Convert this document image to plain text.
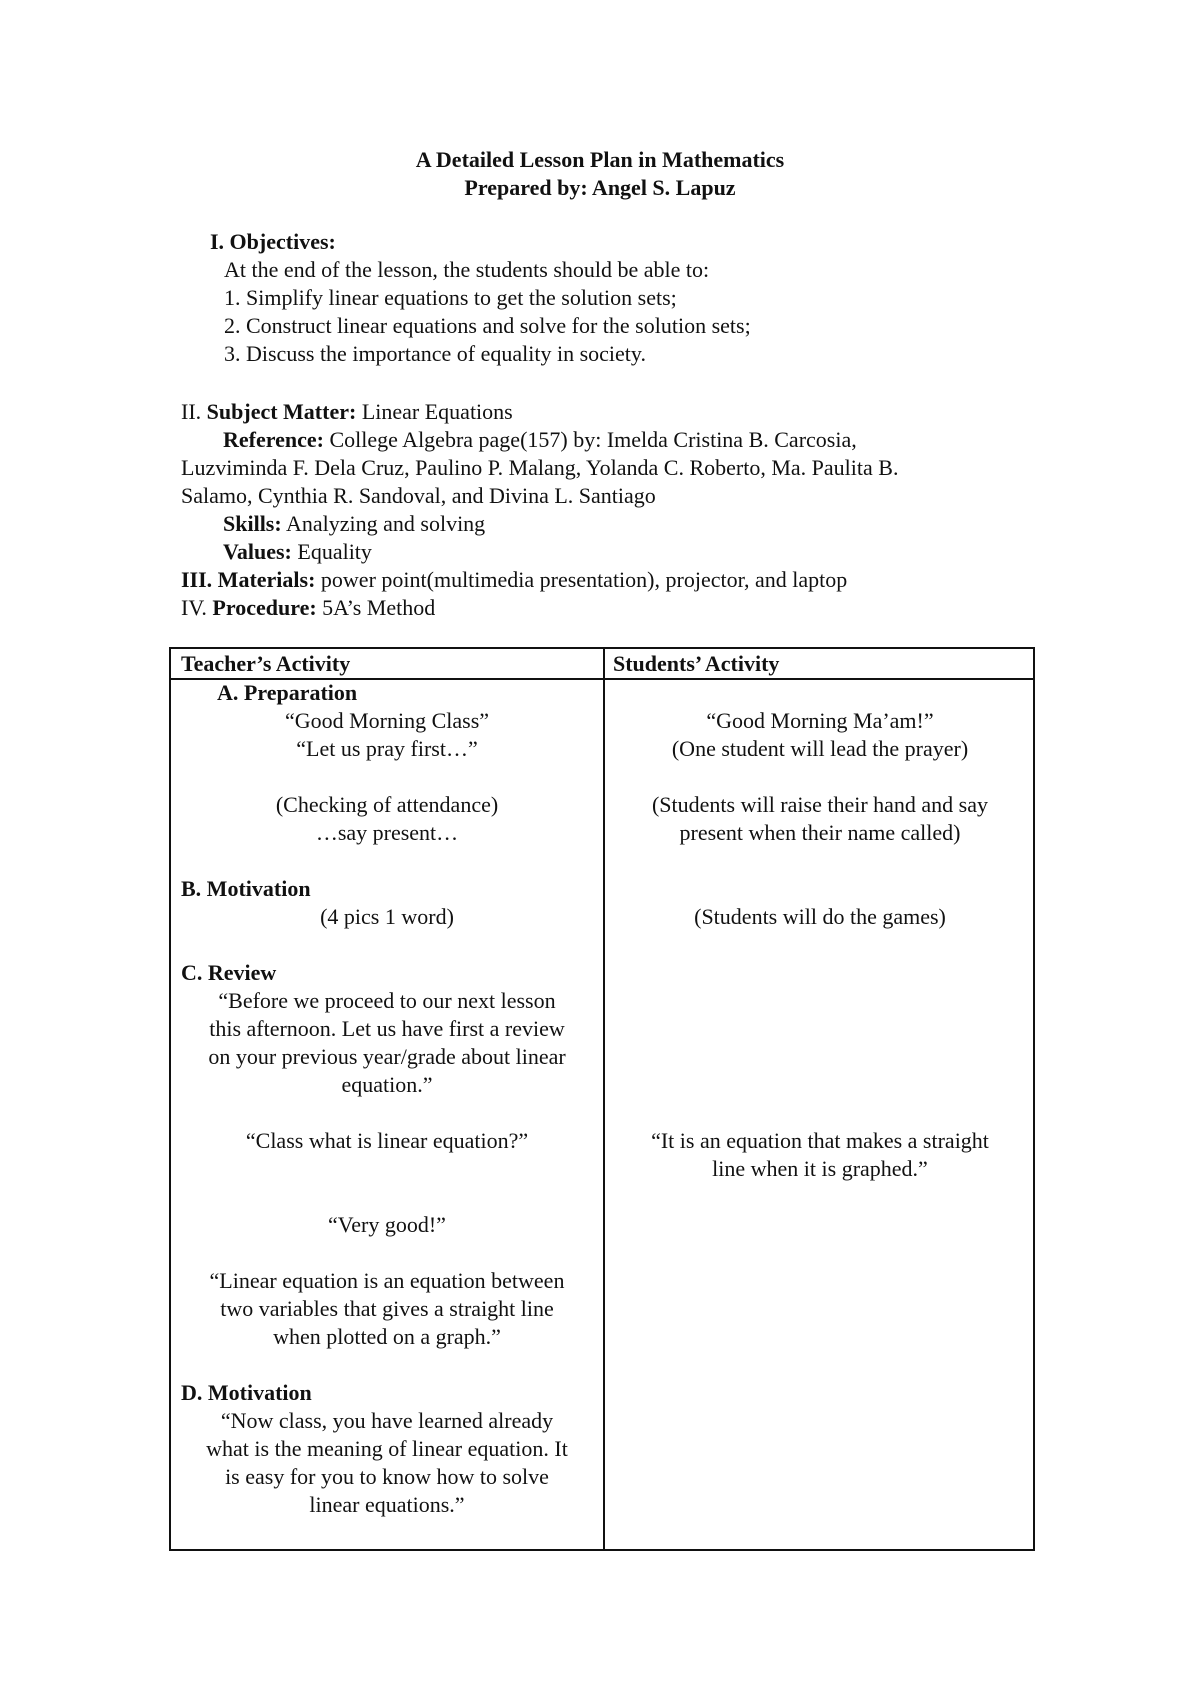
A Detailed Lesson Plan in Mathematics
Prepared by: Angel S. Lapuz
I. Objectives:
At the end of the lesson, the students should be able to:
1. Simplify linear equations to get the solution sets;
2. Construct linear equations and solve for the solution sets;
3. Discuss the importance of equality in society.
II. Subject Matter: Linear Equations
Reference: College Algebra page(157) by: Imelda Cristina B. Carcosia,
Luzviminda F. Dela Cruz, Paulino P. Malang, Yolanda C. Roberto, Ma. Paulita B.
Salamo, Cynthia R. Sandoval, and Divina L. Santiago
Skills: Analyzing and solving
Values: Equality
III. Materials: power point(multimedia presentation), projector, and laptop
IV. Procedure: 5A’s Method
Teacher’s Activity	Students’ Activity
A. Preparation
“Good Morning Class”
“Let us pray first…”
(Checking of attendance)
…say present…
B. Motivation
(4 pics 1 word)
C. Review
“Before we proceed to our next lesson
this afternoon. Let us have first a review
on your previous year/grade about linear
equation.”
“Class what is linear equation?”
“Very good!”
“Linear equation is an equation between
two variables that gives a straight line
when plotted on a graph.”
D. Motivation
“Now class, you have learned already
what is the meaning of linear equation. It
is easy for you to know how to solve
linear equations.”
“Good Morning Ma’am!”
(One student will lead the prayer)
(Students will raise their hand and say
present when their name called)
(Students will do the games)
“It is an equation that makes a straight
line when it is graphed.”
